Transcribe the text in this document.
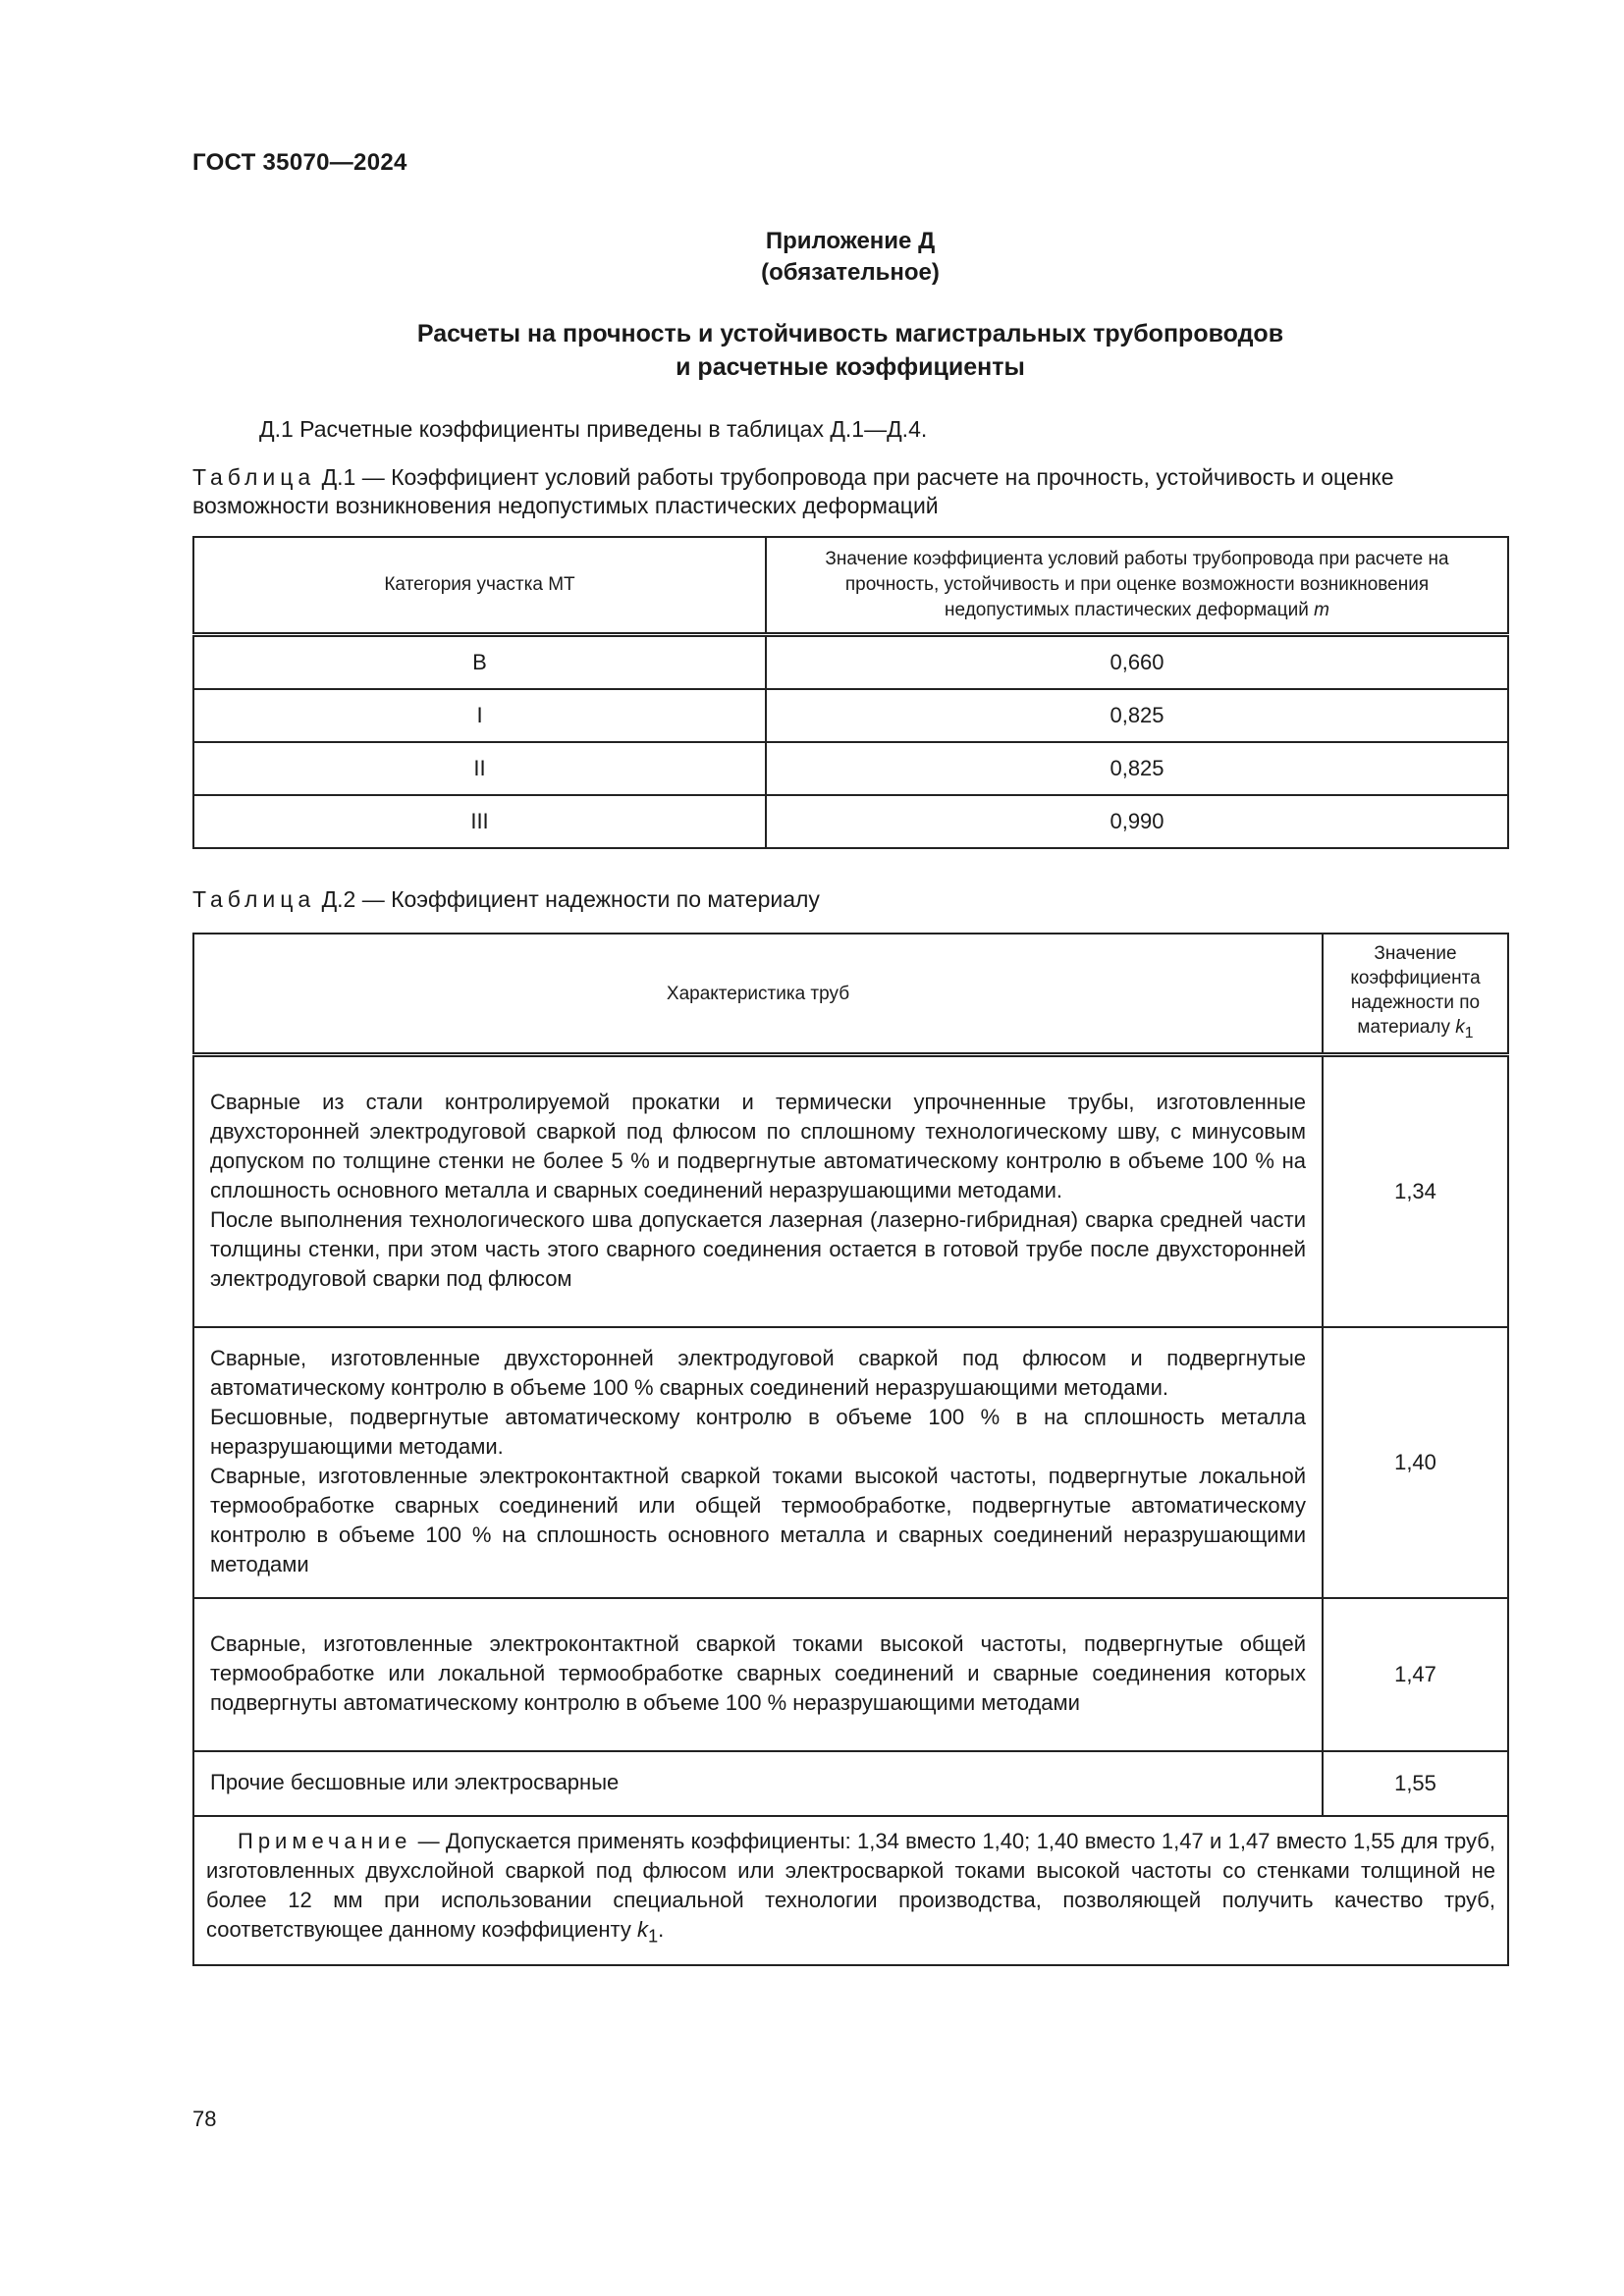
ГОСТ 35070—2024
Приложение Д
(обязательное)
Расчеты на прочность и устойчивость магистральных трубопроводов
и расчетные коэффициенты
Д.1 Расчетные коэффициенты приведены в таблицах Д.1—Д.4.
Таблица Д.1 — Коэффициент условий работы трубопровода при расчете на прочность, устойчивость и оценке возможности возникновения недопустимых пластических деформаций
Категория участка МТ	Значение коэффициента условий работы трубопровода при расчете на прочность, устойчивость и при оценке возможности возникновения недопустимых пластических деформаций m
В	0,660
I	0,825
II	0,825
III	0,990
Таблица Д.2 — Коэффициент надежности по материалу
Характеристика труб	Значение коэффициента надежности по материалу $k_1$

Сварные из стали контролируемой прокатки и термически упрочненные трубы, изготовленные двухсторонней электродуговой сваркой под флюсом по сплошному технологическому шву, с минусовым допуском по толщине стенки не более 5 % и подвергнутые автоматическому контролю в объеме 100 % на сплошность основного металла и сварных соединений неразрушающими методами.
После выполнения технологического шва допускается лазерная (лазерно-гибридная) сварка средней части толщины стенки, при этом часть этого сварного соединения остается в готовой трубе после двухсторонней электродуговой сварки под флюсом	1,34

Сварные, изготовленные двухсторонней электродуговой сваркой под флюсом и подвергнутые автоматическому контролю в объеме 100 % сварных соединений неразрушающими методами.
Бесшовные, подвергнутые автоматическому контролю в объеме 100 % в на сплошность металла неразрушающими методами.
Сварные, изготовленные электроконтактной сваркой токами высокой частоты, подвергнутые локальной термообработке сварных соединений или общей термообработке, подвергнутые автоматическому контролю в объеме 100 % на сплошность основного металла и сварных соединений неразрушающими методами	1,40

Сварные, изготовленные электроконтактной сваркой токами высокой частоты, подвергнутые общей термообработке или локальной термообработке сварных соединений и сварные соединения которых подвергнуты автоматическому контролю в объеме 100 % неразрушающими методами	1,47

Прочие бесшовные или электросварные	1,55
Примечание — Допускается применять коэффициенты: 1,34 вместо 1,40; 1,40 вместо 1,47 и 1,47 вместо 1,55 для труб, изготовленных двухслойной сваркой под флюсом или электросваркой токами высокой частоты со стенками толщиной не более 12 мм при использовании специальной технологии производства, позволяющей получить качество труб, соответствующее данному коэффициенту $k_1$.	
78
